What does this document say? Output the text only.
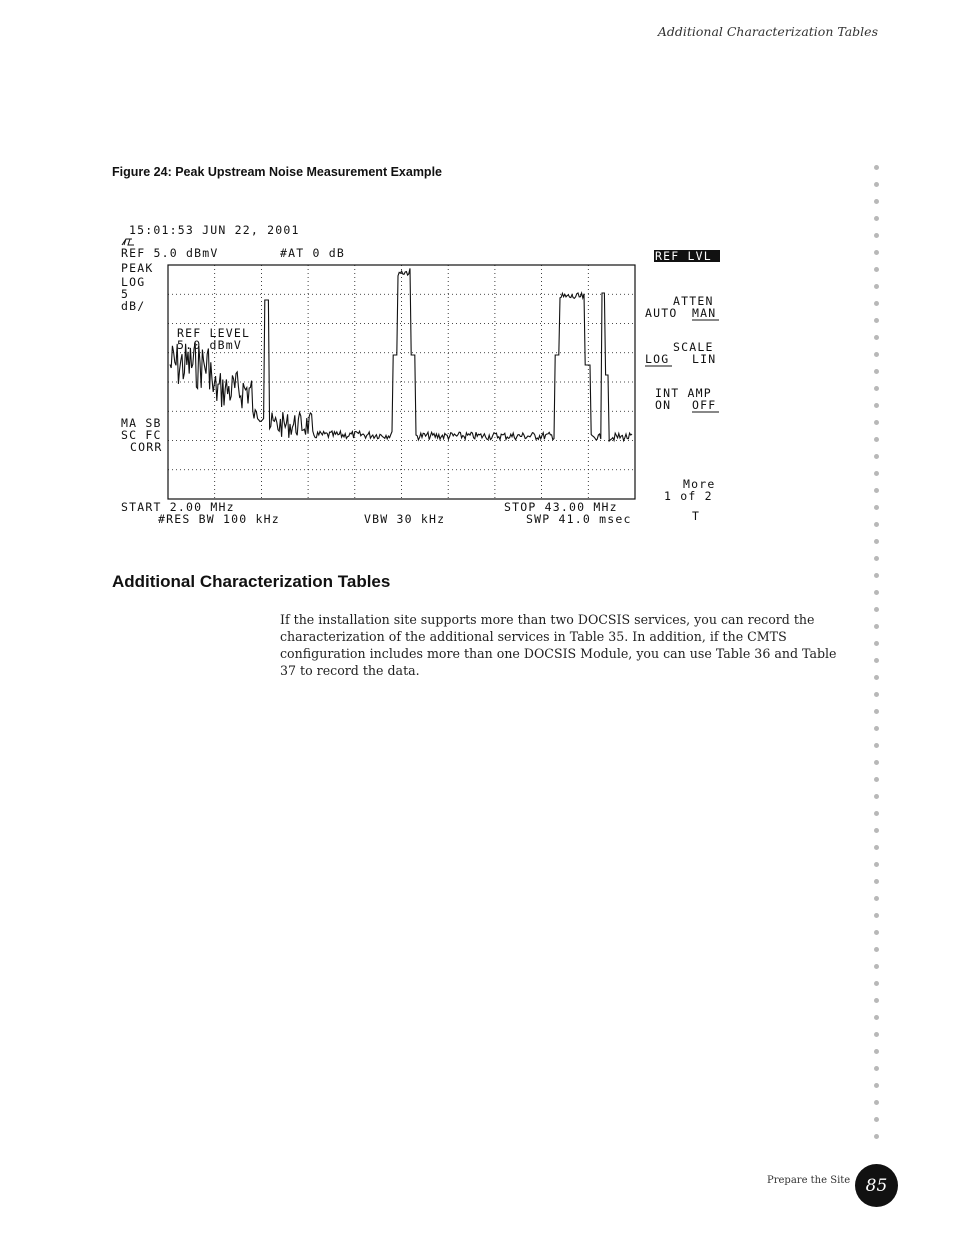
Additional Characterization Tables
Figure 24: Peak Upstream Noise Measurement Example
15:01:53 JUN 22, 2001
REF 5.0 dBmV	#AT 0 dB
PEAK
LOG
5
dB/
MA SB
SC FC
CORR
REF LEVEL
5.0 dBmV
START 2.00 MHz	STOP 43.00 MHz
#RES BW 100 kHz	VBW 30 kHz	SWP 41.0 msec
REF LVL
ATTEN
AUTO MAN
SCALE
LOG LIN
INT AMP
ON OFF
More
1 of 2
T
Additional Characterization Tables

If the installation site supports more than two DOCSIS services, you can record the characterization of the additional services in Table 35. In addition, if the CMTS configuration includes more than one DOCSIS Module, you can use Table 36 and Table 37 to record the data.

Prepare the Site 85
